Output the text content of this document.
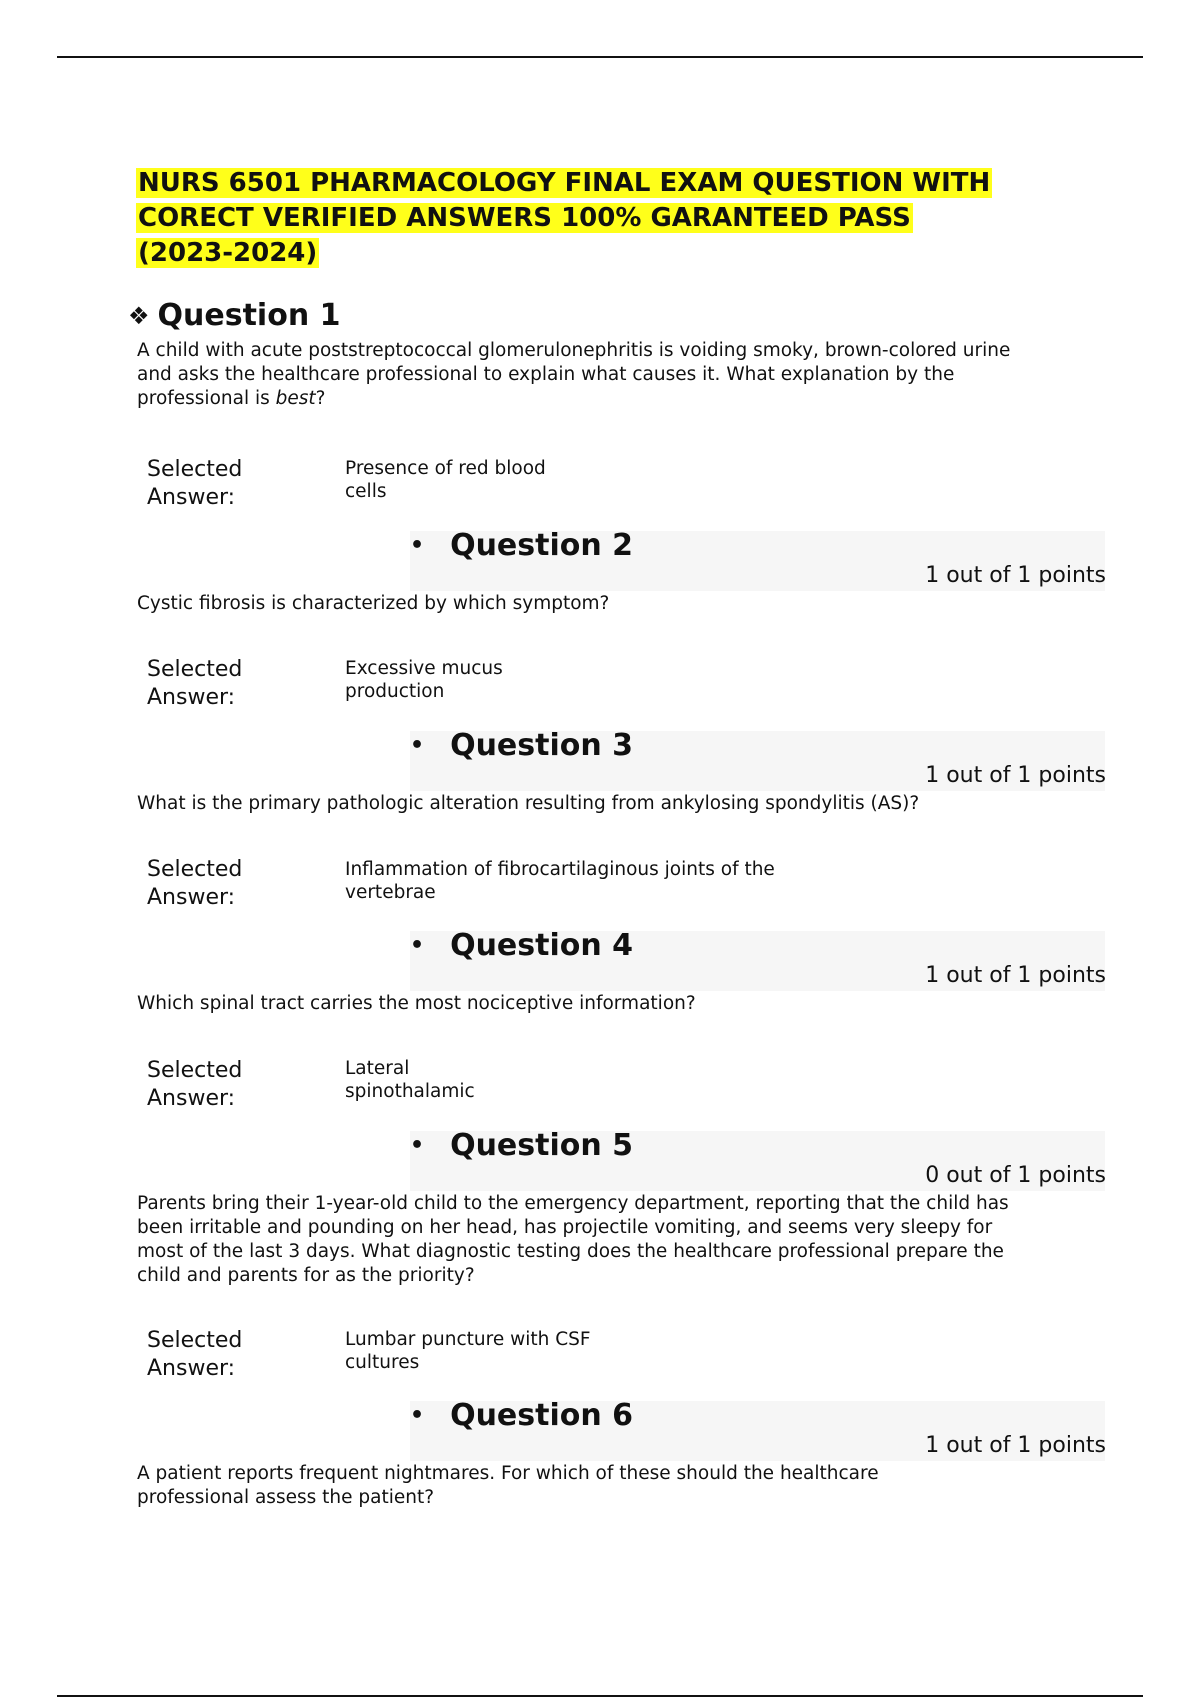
NURS 6501 PHARMACOLOGY FINAL EXAM QUESTION WITH CORECT VERIFIED ANSWERS 100% GARANTEED PASS (2023-2024)
❖ Question 1
A child with acute poststreptococcal glomerulonephritis is voiding smoky, brown-colored urine and asks the healthcare professional to explain what causes it. What explanation by the professional is best?
Selected
Answer:
Presence of red blood cells
• Question 2
1 out of 1 points
Cystic fibrosis is characterized by which symptom?
Selected
Answer:
Excessive mucus production
• Question 3
1 out of 1 points
What is the primary pathologic alteration resulting from ankylosing spondylitis (AS)?
Selected
Answer:
Inflammation of fibrocartilaginous joints of the vertebrae
• Question 4
1 out of 1 points
Which spinal tract carries the most nociceptive information?
Selected
Answer:
Lateral spinothalamic
• Question 5
0 out of 1 points
Parents bring their 1-year-old child to the emergency department, reporting that the child has been irritable and pounding on her head, has projectile vomiting, and seems very sleepy for most of the last 3 days. What diagnostic testing does the healthcare professional prepare the child and parents for as the priority?
Selected
Answer:
Lumbar puncture with CSF cultures
• Question 6
1 out of 1 points
A patient reports frequent nightmares. For which of these should the healthcare professional assess the patient?
